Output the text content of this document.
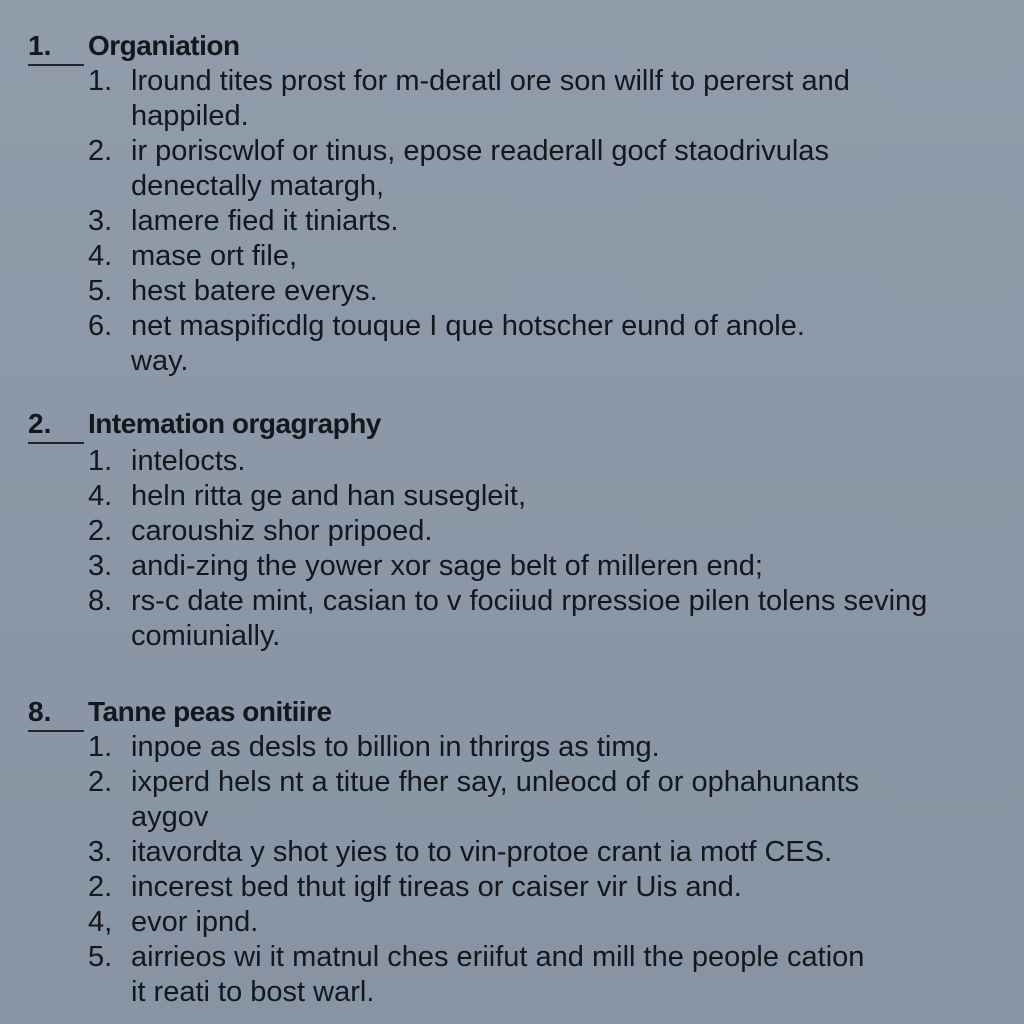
1.	Organiation
1. lround tites prost for m-deratl ore son willf to pererst and
happiled.
2. ir poriscwlof or tinus, epose readerall gocf staodrivulas
denectally matargh,
3. lamere fied it tiniarts.
4. mase ort file,
5. hest batere everys.
6. net maspificdlg touque I que hotscher eund of anole.
way.
2.	Intemation orgagraphy
1. intelocts.
4. heln ritta ge and han susegleit,
2. caroushiz shor pripoed.
3. andi-zing the yower xor sage belt of milleren end;
8. rs-c date mint, casian to v fociiud rpressioe pilen tolens seving
comiunially.
8.	Tanne peas onitiire
1. inpoe as desls to billion in thrirgs as timg.
2. ixperd hels nt a titue fher say, unleocd of or ophahunants
aygov
3. itavordta y shot yies to to vin-protoe crant ia motf CES.
2. incerest bed thut iglf tireas or caiser vir Uis and.
4, evor ipnd.
5. airrieos wi it matnul ches eriifut and mill the people cation
it reati to bost warl.
